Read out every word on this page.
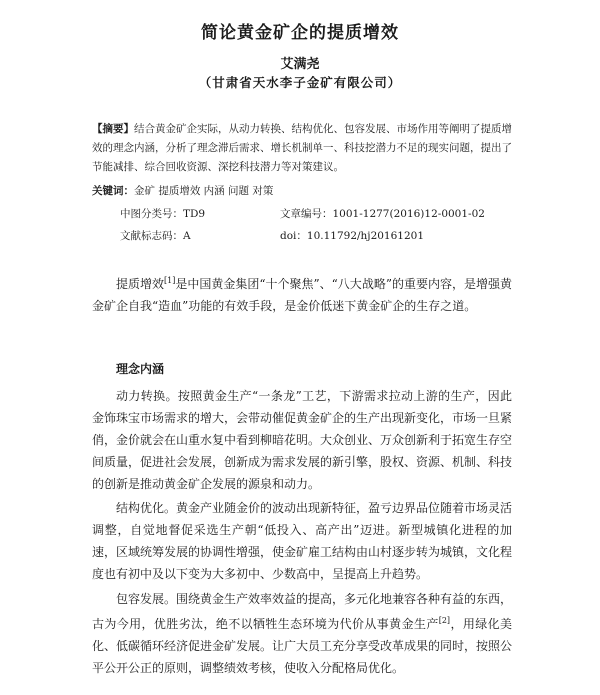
简论黄金矿企的提质增效
艾满尧
（甘肃省天水李子金矿有限公司）
【摘要】结合黄金矿企实际，从动力转换、结构优化、包容发展、市场作用等阐明了提质增效的理念内涵，分析了理念滞后需求、增长机制单一、科技挖潜力不足的现实问题，提出了节能减排、综合回收资源、深挖科技潜力等对策建议。
关键词：金矿 提质增效 内涵 问题 对策
中图分类号：TD9	文章编号：1001-1277(2016)12-0001-02
文献标志码：A	doi：10.11792/hj20161201
提质增效[1]是中国黄金集团“十个聚焦”、“八大战略”的重要内容，是增强黄金矿企自我“造血”功能的有效手段，是金价低迷下黄金矿企的生存之道。
理念内涵

动力转换。按照黄金生产“一条龙”工艺，下游需求拉动上游的生产，因此金饰珠宝市场需求的增大，会带动催促黄金矿企的生产出现新变化，市场一旦紧俏，金价就会在山重水复中看到柳暗花明。大众创业、万众创新利于拓宽生存空间质量，促进社会发展，创新成为需求发展的新引擎，股权、资源、机制、科技的创新是推动黄金矿企发展的源泉和动力。

结构优化。黄金产业随金价的波动出现新特征，盈亏边界品位随着市场灵活调整，自觉地督促采选生产朝“低投入、高产出”迈进。新型城镇化进程的加速，区域统筹发展的协调性增强，使金矿雇工结构由山村逐步转为城镇，文化程度也有初中及以下变为大多初中、少数高中，呈提高上升趋势。

包容发展。围绕黄金生产效率效益的提高，多元化地兼容各种有益的东西，古为今用，优胜劣汰，绝不以牺牲生态环境为代价从事黄金生产[2]，用绿化美化、低碳循环经济促进金矿发展。让广大员工充分享受改革成果的同时，按照公平公开公正的原则，调整绩效考核，使收入分配格局优化。
